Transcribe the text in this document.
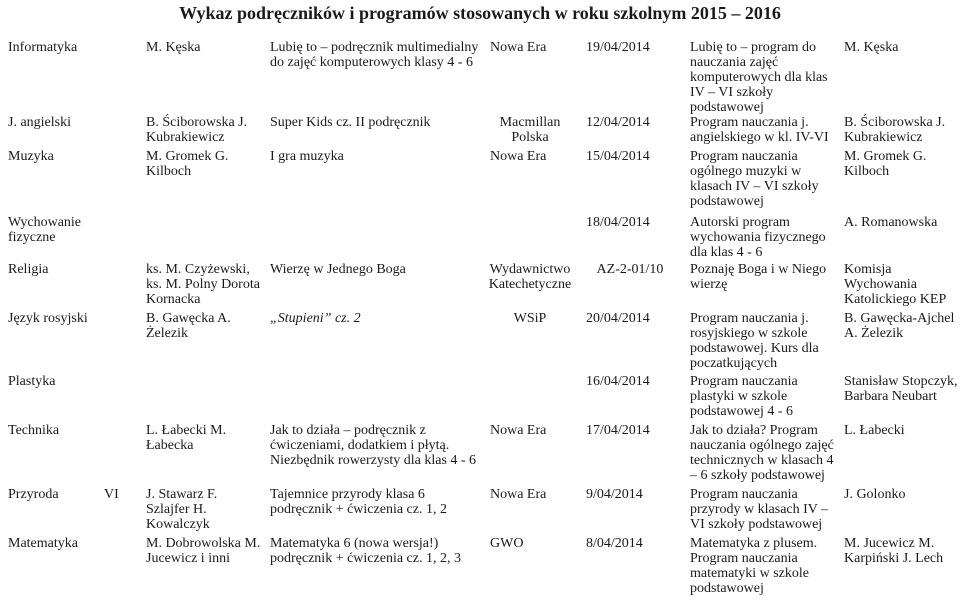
Wykaz podręczników i programów stosowanych w roku szkolnym 2015 – 2016
Informatyka		M. Kęska	Lubię to – podręcznik multimedialny do zajęć komputerowych klasy 4 - 6	Nowa Era	19/04/2014	Lubię to – program do nauczania zajęć komputerowych dla klas IV – VI szkoły podstawowej	M. Kęska
J. angielski		B. Ściborowska J. Kubrakiewicz	Super Kids cz. II podręcznik	Macmillan Polska	12/04/2014	Program nauczania j. angielskiego w kl. IV-VI	B. Ściborowska J. Kubrakiewicz
Muzyka		M. Gromek G. Kilboch	I gra muzyka	Nowa Era	15/04/2014	Program nauczania ogólnego muzyki w klasach IV – VI szkoły podstawowej	M. Gromek G. Kilboch
Wychowanie fizyczne					18/04/2014	Autorski program wychowania fizycznego dla klas 4 - 6	A. Romanowska
Religia		ks. M. Czyżewski, ks. M. Polny Dorota Kornacka	Wierzę w Jednego Boga	Wydawnictwo Katechetyczne	AZ-2-01/10	Poznaję Boga i w Niego wierzę	Komisja Wychowania Katolickiego KEP
Język rosyjski		B. Gawęcka A. Żelezik	„Stupieni” cz. 2	WSiP	20/04/2014	Program nauczania j. rosyjskiego w szkole podstawowej. Kurs dla poczatkujących	B. Gawęcka-Ajchel A. Żelezik
Plastyka					16/04/2014	Program nauczania plastyki w szkole podstawowej 4 - 6	Stanisław Stopczyk, Barbara Neubart
Technika		L. Łabecki M. Łabecka	Jak to działa – podręcznik z ćwiczeniami, dodatkiem i płytą. Niezbędnik rowerzysty dla klas 4 - 6	Nowa Era	17/04/2014	Jak to działa? Program nauczania ogólnego zajęć technicznych w klasach 4 – 6 szkoły podstawowej	L. Łabecki
Przyroda	VI	J. Stawarz F. Szlajfer H. Kowalczyk	Tajemnice przyrody klasa 6 podręcznik + ćwiczenia cz. 1, 2	Nowa Era	9/04/2014	Program nauczania przyrody w klasach IV – VI szkoły podstawowej	J. Golonko
Matematyka		M. Dobrowolska M. Jucewicz i inni	Matematyka 6 (nowa wersja!) podręcznik + ćwiczenia cz. 1, 2, 3	GWO	8/04/2014	Matematyka z plusem. Program nauczania matematyki w szkole podstawowej	M. Jucewicz M. Karpiński J. Lech
